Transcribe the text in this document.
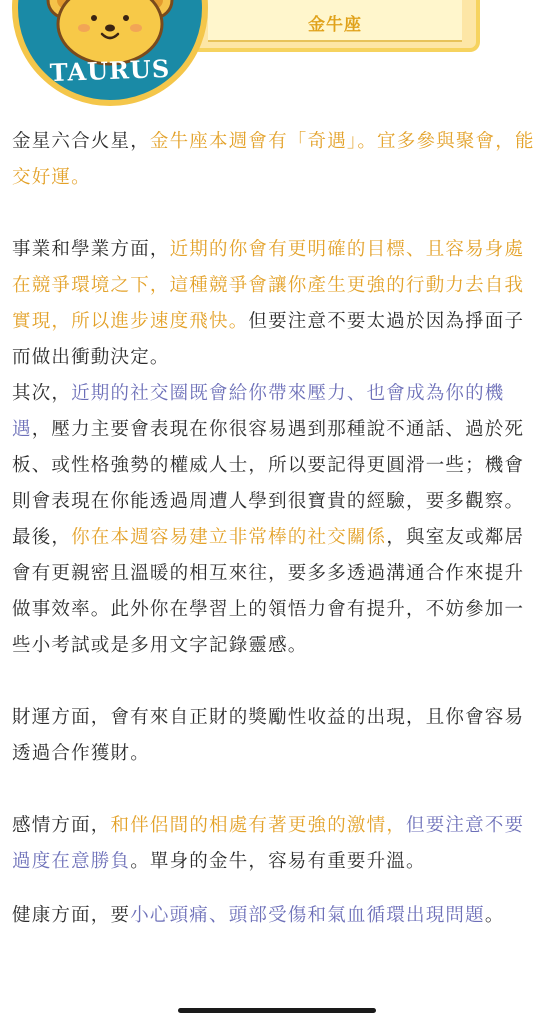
金牛座
TAURUS

金星六合火星，金牛座本週會有「奇遇」。宜多參與聚會，能交好運。

事業和學業方面，近期的你會有更明確的目標、且容易身處在競爭環境之下，這種競爭會讓你產生更強的行動力去自我實現，所以進步速度飛快。但要注意不要太過於因為掙面子而做出衝動決定。

其次，近期的社交圈既會給你帶來壓力、也會成為你的機遇，壓力主要會表現在你很容易遇到那種說不通話、過於死板、或性格強勢的權威人士，所以要記得更圓滑一些；機會則會表現在你能透過周遭人學到很寶貴的經驗，要多觀察。

最後，你在本週容易建立非常棒的社交關係，與室友或鄰居會有更親密且溫暖的相互來往，要多多透過溝通合作來提升做事效率。此外你在學習上的領悟力會有提升，不妨參加一些小考試或是多用文字記錄靈感。

財運方面，會有來自正財的獎勵性收益的出現，且你會容易透過合作獲財。

感情方面，和伴侶間的相處有著更強的激情，但要注意不要過度在意勝負。單身的金牛，容易有重要升溫。

健康方面，要小心頭痛、頭部受傷和氣血循環出現問題。
